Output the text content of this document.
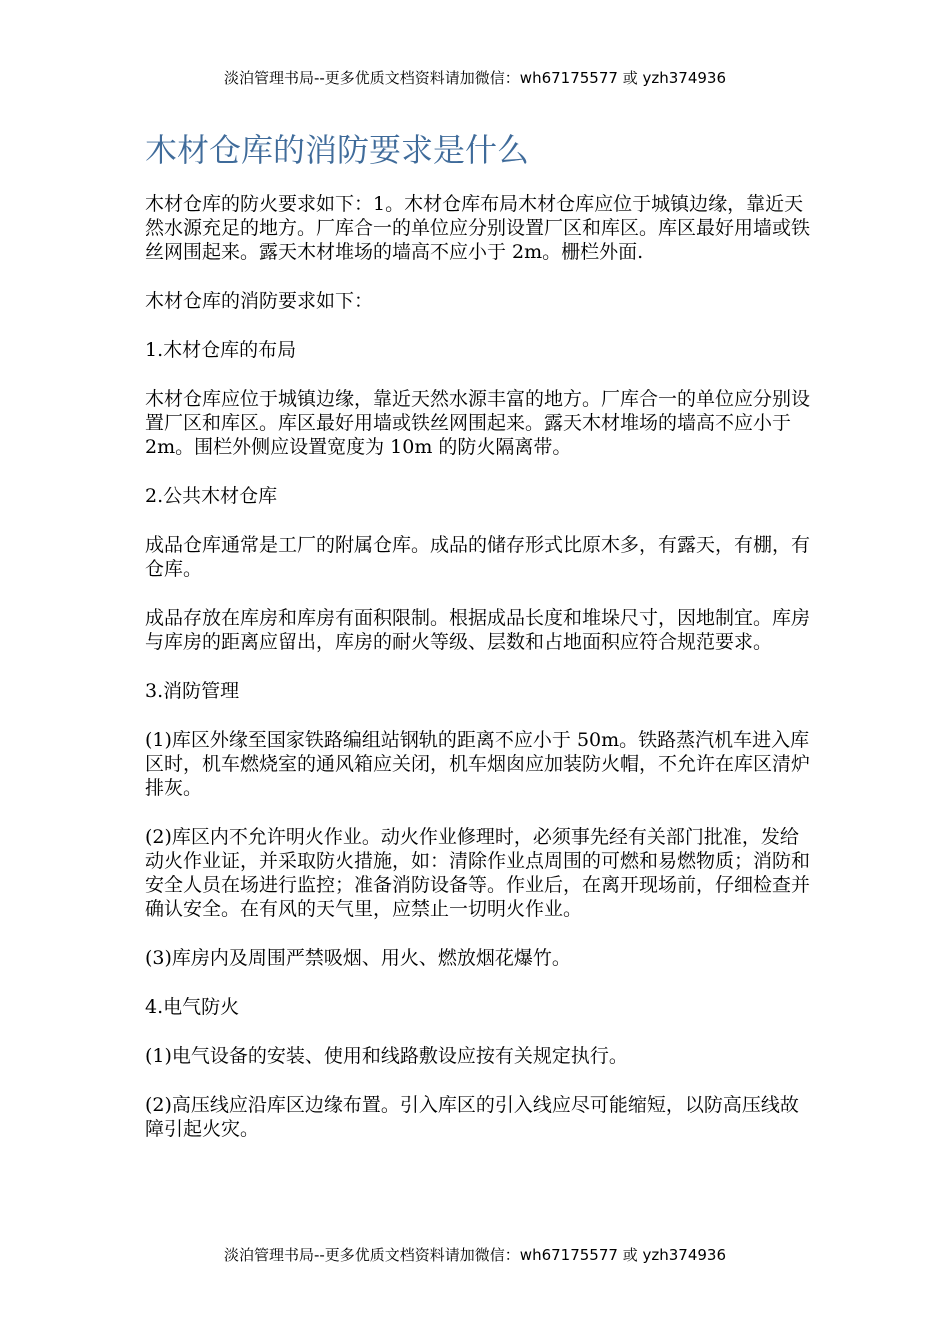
淡泊管理书局--更多优质文档资料请加微信：wh67175577 或 yzh374936
木材仓库的消防要求是什么

木材仓库的防火要求如下：1。木材仓库布局木材仓库应位于城镇边缘，靠近天然水源充足的地方。厂库合一的单位应分别设置厂区和库区。库区最好用墙或铁丝网围起来。露天木材堆场的墙高不应小于 2m。栅栏外面.

木材仓库的消防要求如下：

1.木材仓库的布局

木材仓库应位于城镇边缘，靠近天然水源丰富的地方。厂库合一的单位应分别设置厂区和库区。库区最好用墙或铁丝网围起来。露天木材堆场的墙高不应小于 2m。围栏外侧应设置宽度为 10m 的防火隔离带。

2.公共木材仓库

成品仓库通常是工厂的附属仓库。成品的储存形式比原木多，有露天，有棚，有仓库。

成品存放在库房和库房有面积限制。根据成品长度和堆垛尺寸，因地制宜。库房与库房的距离应留出，库房的耐火等级、层数和占地面积应符合规范要求。

3.消防管理

(1)库区外缘至国家铁路编组站钢轨的距离不应小于 50m。铁路蒸汽机车进入库区时，机车燃烧室的通风箱应关闭，机车烟囱应加装防火帽，不允许在库区清炉排灰。

(2)库区内不允许明火作业。动火作业修理时，必须事先经有关部门批准，发给动火作业证，并采取防火措施，如：清除作业点周围的可燃和易燃物质；消防和安全人员在场进行监控；准备消防设备等。作业后，在离开现场前，仔细检查并确认安全。在有风的天气里，应禁止一切明火作业。

(3)库房内及周围严禁吸烟、用火、燃放烟花爆竹。

4.电气防火

(1)电气设备的安装、使用和线路敷设应按有关规定执行。

(2)高压线应沿库区边缘布置。引入库区的引入线应尽可能缩短，以防高压线故障引起火灾。

淡泊管理书局--更多优质文档资料请加微信：wh67175577 或 yzh374936
